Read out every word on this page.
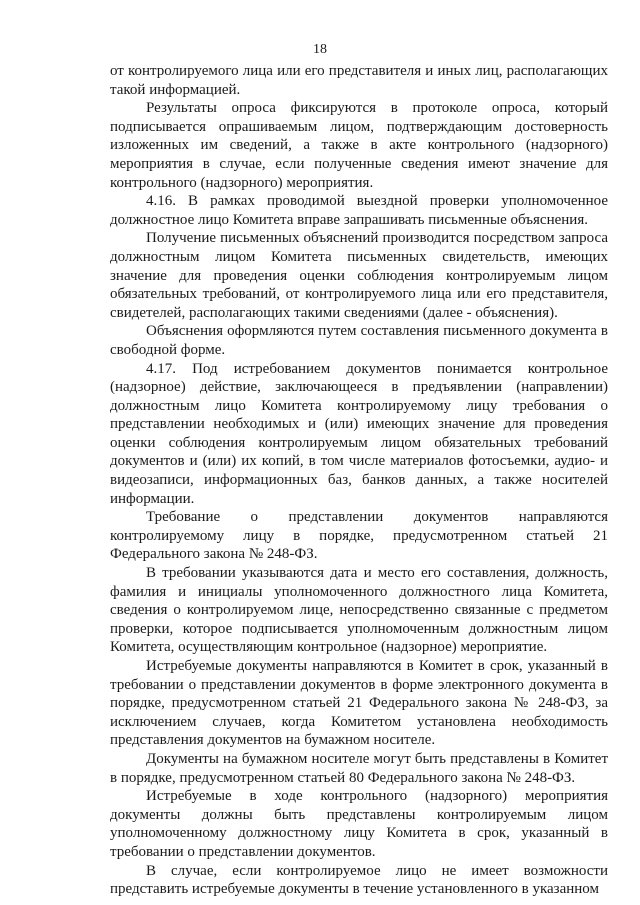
18

от контролируемого лица или его представителя и иных лиц, располагающих такой информацией.

Результаты опроса фиксируются в протоколе опроса, который подписывается опрашиваемым лицом, подтверждающим достоверность изложенных им сведений, а также в акте контрольного (надзорного) мероприятия в случае, если полученные сведения имеют значение для контрольного (надзорного) мероприятия.

4.16. В рамках проводимой выездной проверки уполномоченное должностное лицо Комитета вправе запрашивать письменные объяснения.

Получение письменных объяснений производится посредством запроса должностным лицом Комитета письменных свидетельств, имеющих значение для проведения оценки соблюдения контролируемым лицом обязательных требований, от контролируемого лица или его представителя, свидетелей, располагающих такими сведениями (далее - объяснения).

Объяснения оформляются путем составления письменного документа в свободной форме.

4.17. Под истребованием документов понимается контрольное (надзорное) действие, заключающееся в предъявлении (направлении) должностным лицо Комитета контролируемому лицу требования о представлении необходимых и (или) имеющих значение для проведения оценки соблюдения контролируемым лицом обязательных требований документов и (или) их копий, в том числе материалов фотосъемки, аудио- и видеозаписи, информационных баз, банков данных, а также носителей информации.

Требование о представлении документов направляются контролируемому лицу в порядке, предусмотренном статьей 21 Федерального закона № 248-ФЗ.

В требовании указываются дата и место его составления, должность, фамилия и инициалы уполномоченного должностного лица Комитета, сведения о контролируемом лице, непосредственно связанные с предметом проверки, которое подписывается уполномоченным должностным лицом Комитета, осуществляющим контрольное (надзорное) мероприятие.

Истребуемые документы направляются в Комитет в срок, указанный в требовании о представлении документов в форме электронного документа в порядке, предусмотренном статьей 21 Федерального закона № 248-ФЗ, за исключением случаев, когда Комитетом установлена необходимость представления документов на бумажном носителе.

Документы на бумажном носителе могут быть представлены в Комитет в порядке, предусмотренном статьей 80 Федерального закона № 248-ФЗ.

Истребуемые в ходе контрольного (надзорного) мероприятия документы должны быть представлены контролируемым лицом уполномоченному должностному лицу Комитета в срок, указанный в требовании о представлении документов.

В случае, если контролируемое лицо не имеет возможности представить истребуемые документы в течение установленного в указанном
